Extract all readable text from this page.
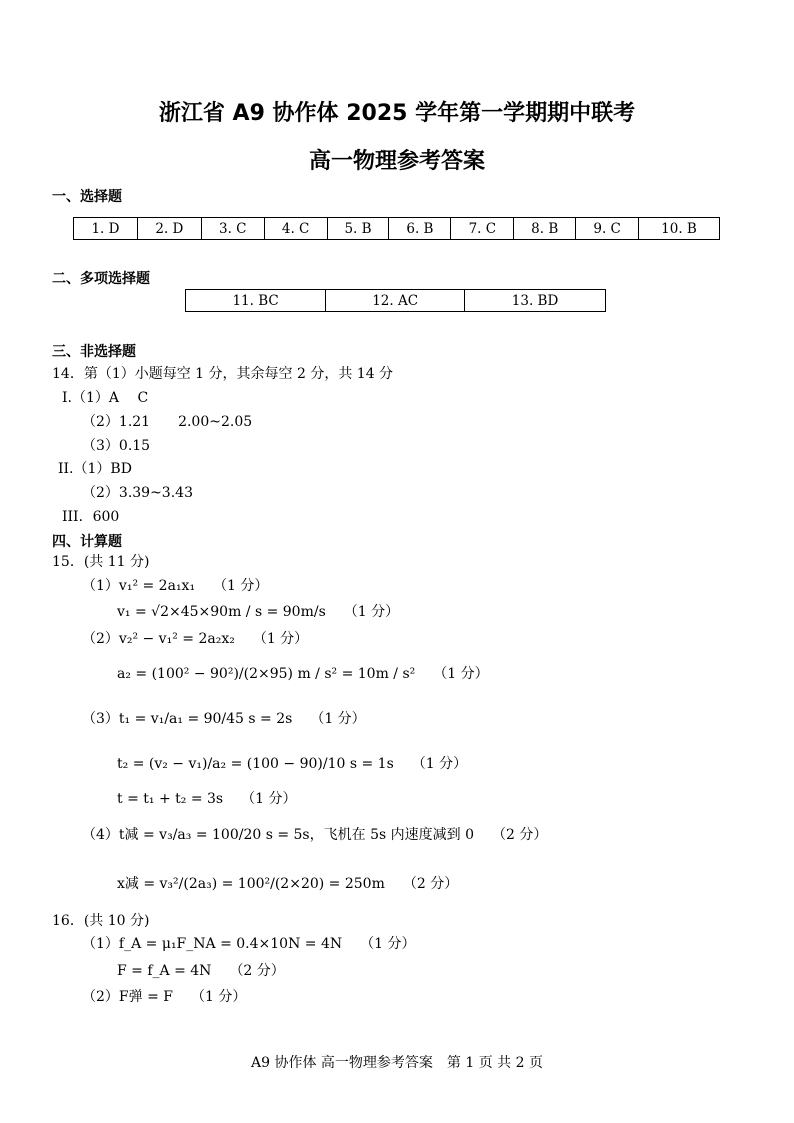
浙江省 A9 协作体 2025 学年第一学期期中联考
高一物理参考答案
一、选择题
1. D	2. D	3. C	4. C	5. B	6. B	7. C	8. B	9. C	10. B
二、多项选择题
11. BC	12. AC	13. BD
三、非选择题
14．第（1）小题每空 1 分，其余每空 2 分，共 14 分
I.（1）A　 C
（2）1.21　　2.00~2.05
（3）0.15
II.（1）BD
（2）3.39~3.43
III．600
四、计算题
15．(共 11 分)
（1）v₁² = 2a₁x₁ （1 分）
v₁ = √2×45×90m / s = 90m/s （1 分）
（2）v₂² − v₁² = 2a₂x₂ （1 分）
a₂ = (100² − 90²)/(2×95) m / s² = 10m / s² （1 分）
（3）t₁ = v₁/a₁ = 90/45 s = 2s （1 分）
t₂ = (v₂ − v₁)/a₂ = (100 − 90)/10 s = 1s （1 分）
t = t₁ + t₂ = 3s （1 分）
（4）t减 = v₃/a₃ = 100/20 s = 5s，飞机在 5s 内速度减到 0 （2 分）
x减 = v₃²/(2a₃) = 100²/(2×20) = 250m （2 分）
16．(共 10 分)
（1）f_A = μ₁F_NA = 0.4×10N = 4N （1 分）
F = f_A = 4N （2 分）
（2）F弹 = F （1 分）
A9 协作体 高一物理参考答案　第 1 页 共 2 页
